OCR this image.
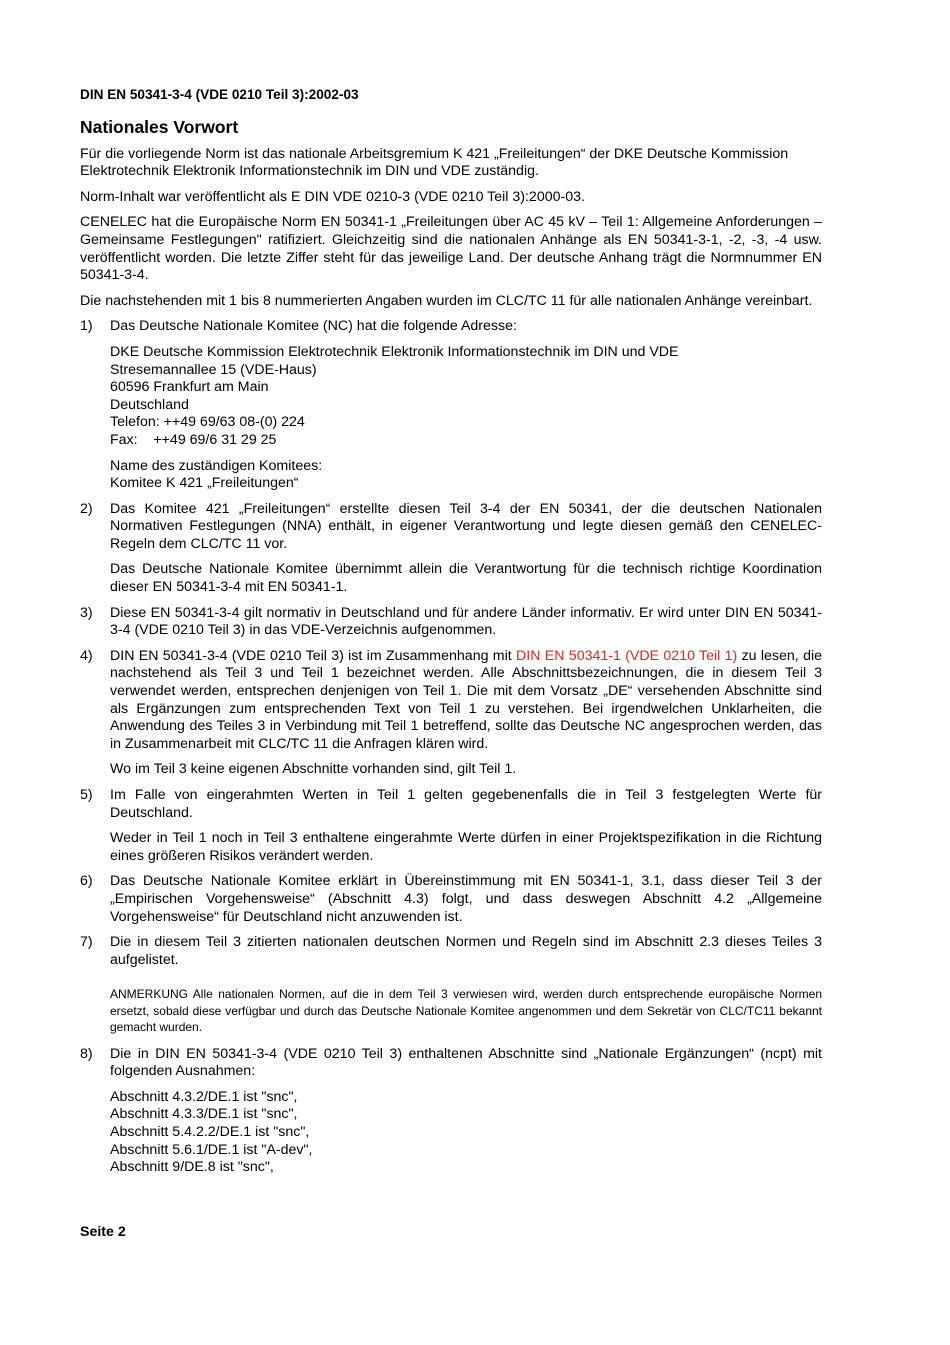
DIN EN 50341-3-4 (VDE 0210 Teil 3):2002-03
Nationales Vorwort

Für die vorliegende Norm ist das nationale Arbeitsgremium K 421 „Freileitungen“ der DKE Deutsche Kommission Elektrotechnik Elektronik Informationstechnik im DIN und VDE zuständig.

Norm-Inhalt war veröffentlicht als E DIN VDE 0210-3 (VDE 0210 Teil 3):2000-03.

CENELEC hat die Europäische Norm EN 50341-1 „Freileitungen über AC 45 kV – Teil 1: Allgemeine Anforderungen – Gemeinsame Festlegungen" ratifiziert. Gleichzeitig sind die nationalen Anhänge als EN 50341-3-1, -2, -3, -4 usw. veröffentlicht worden. Die letzte Ziffer steht für das jeweilige Land. Der deutsche Anhang trägt die Normnummer EN 50341-3-4.

Die nachstehenden mit 1 bis 8 nummerierten Angaben wurden im CLC/TC 11 für alle nationalen Anhänge vereinbart.

1) Das Deutsche Nationale Komitee (NC) hat die folgende Adresse:

DKE Deutsche Kommission Elektrotechnik Elektronik Informationstechnik im DIN und VDE
Stresemannallee 15 (VDE-Haus)
60596 Frankfurt am Main
Deutschland
Telefon: ++49 69/63 08-(0) 224
Fax:    ++49 69/6 31 29 25

Name des zuständigen Komitees:
Komitee K 421 „Freileitungen“

2) Das Komitee 421 „Freileitungen“ erstellte diesen Teil 3-4 der EN 50341, der die deutschen Nationalen Normativen Festlegungen (NNA) enthält, in eigener Verantwortung und legte diesen gemäß den CENELEC-Regeln dem CLC/TC 11 vor.

Das Deutsche Nationale Komitee übernimmt allein die Verantwortung für die technisch richtige Koordination dieser EN 50341-3-4 mit EN 50341-1.

3) Diese EN 50341-3-4 gilt normativ in Deutschland und für andere Länder informativ. Er wird unter DIN EN 50341-3-4 (VDE 0210 Teil 3) in das VDE-Verzeichnis aufgenommen.

4) DIN EN 50341-3-4 (VDE 0210 Teil 3) ist im Zusammenhang mit DIN EN 50341-1 (VDE 0210 Teil 1) zu lesen, die nachstehend als Teil 3 und Teil 1 bezeichnet werden. Alle Abschnittsbezeichnungen, die in diesem Teil 3 verwendet werden, entsprechen denjenigen von Teil 1. Die mit dem Vorsatz „DE“ versehenden Abschnitte sind als Ergänzungen zum entsprechenden Text von Teil 1 zu verstehen. Bei irgendwelchen Unklarheiten, die Anwendung des Teiles 3 in Verbindung mit Teil 1 betreffend, sollte das Deutsche NC angesprochen werden, das in Zusammenarbeit mit CLC/TC 11 die Anfragen klären wird.

Wo im Teil 3 keine eigenen Abschnitte vorhanden sind, gilt Teil 1.

5) Im Falle von eingerahmten Werten in Teil 1 gelten gegebenenfalls die in Teil 3 festgelegten Werte für Deutschland.

Weder in Teil 1 noch in Teil 3 enthaltene eingerahmte Werte dürfen in einer Projektspezifikation in die Richtung eines größeren Risikos verändert werden.

6) Das Deutsche Nationale Komitee erklärt in Übereinstimmung mit EN 50341-1, 3.1, dass dieser Teil 3 der „Empirischen Vorgehensweise“ (Abschnitt 4.3) folgt, und dass deswegen Abschnitt 4.2 „Allgemeine Vorgehensweise“ für Deutschland nicht anzuwenden ist.

7) Die in diesem Teil 3 zitierten nationalen deutschen Normen und Regeln sind im Abschnitt 2.3 dieses Teiles 3 aufgelistet.

ANMERKUNG Alle nationalen Normen, auf die in dem Teil 3 verwiesen wird, werden durch entsprechende europäische Normen ersetzt, sobald diese verfügbar und durch das Deutsche Nationale Komitee angenommen und dem Sekretär von CLC/TC11 bekannt gemacht wurden.
8) Die in DIN EN 50341-3-4 (VDE 0210 Teil 3) enthaltenen Abschnitte sind „Nationale Ergänzungen“ (ncpt) mit folgenden Ausnahmen:

Abschnitt 4.3.2/DE.1 ist "snc",
Abschnitt 4.3.3/DE.1 ist "snc",
Abschnitt 5.4.2.2/DE.1 ist "snc",
Abschnitt 5.6.1/DE.1 ist "A-dev",
Abschnitt 9/DE.8 ist "snc",

Seite 2
